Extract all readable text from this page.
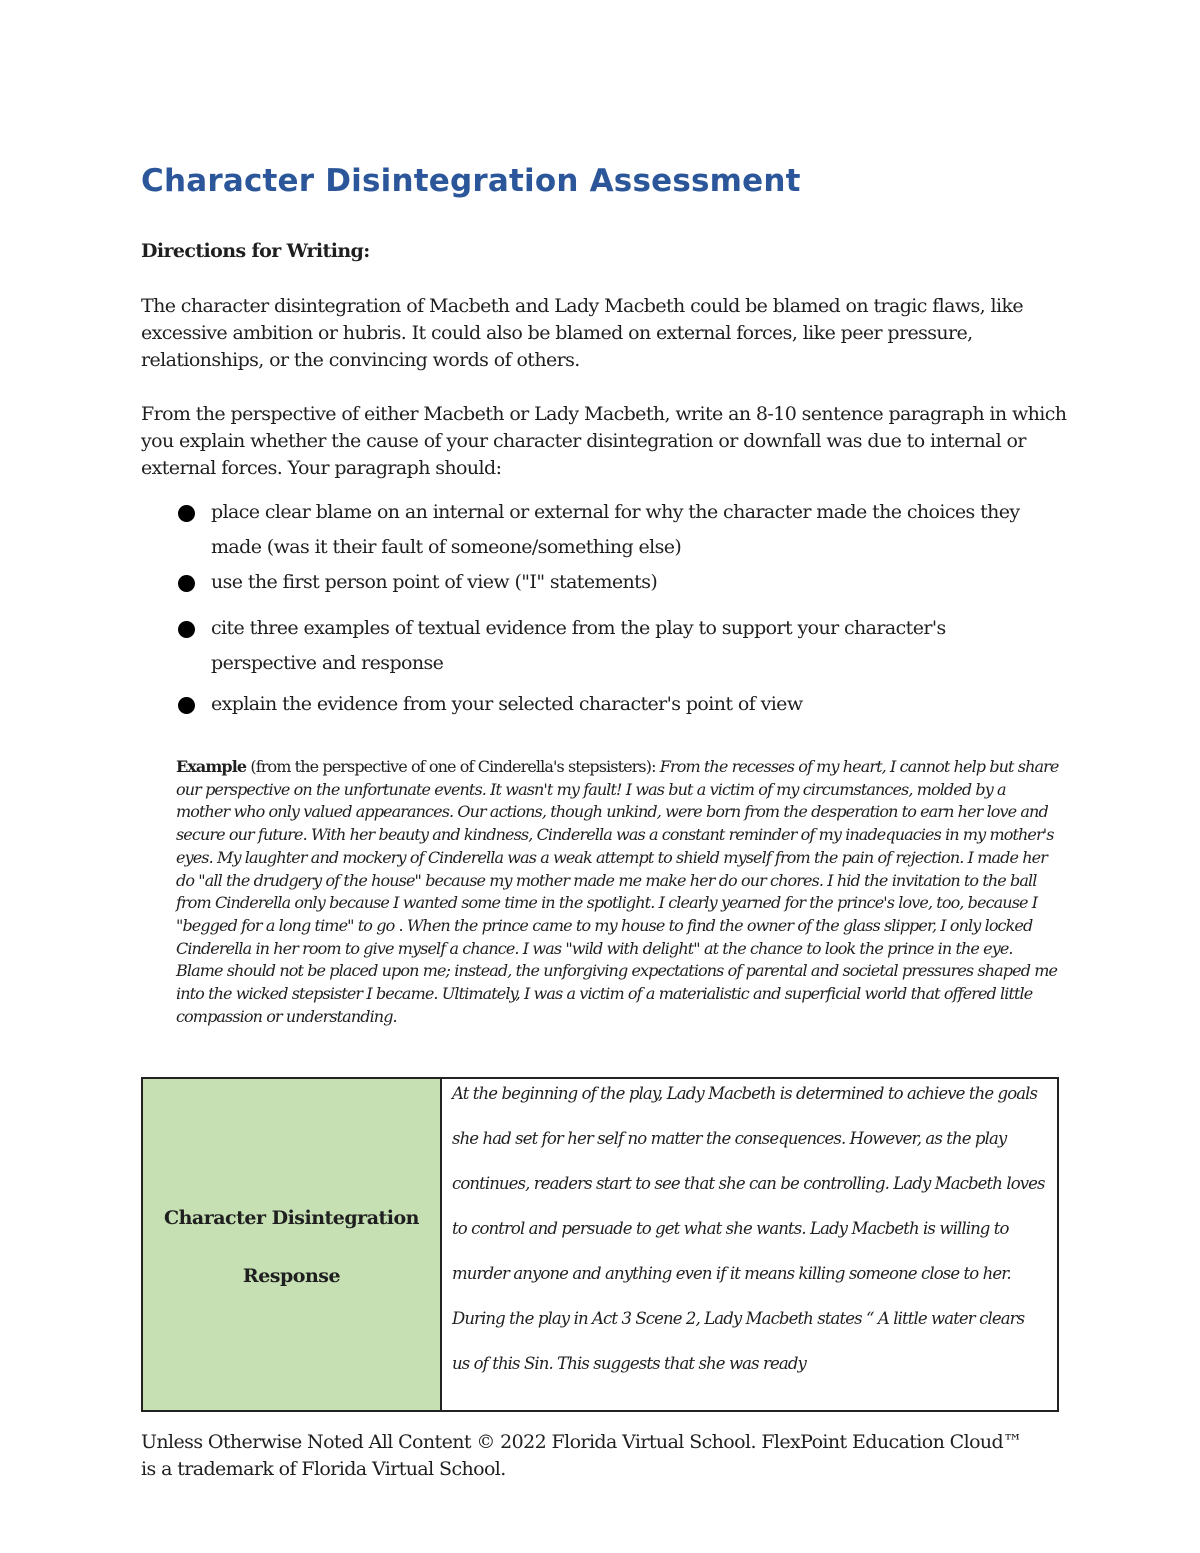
Character Disintegration Assessment
Directions for Writing:

The character disintegration of Macbeth and Lady Macbeth could be blamed on tragic flaws, like excessive ambition or hubris. It could also be blamed on external forces, like peer pressure, relationships, or the convincing words of others.

From the perspective of either Macbeth or Lady Macbeth, write an 8-10 sentence paragraph in which you explain whether the cause of your character disintegration or downfall was due to internal or external forces. Your paragraph should:

place clear blame on an internal or external for why the character made the choices they made (was it their fault of someone/something else)
use the first person point of view ("I" statements)
cite three examples of textual evidence from the play to support your character's perspective and response
explain the evidence from your selected character's point of view

Example (from the perspective of one of Cinderella's stepsisters): From the recesses of my heart, I cannot help but share our perspective on the unfortunate events. It wasn't my fault! I was but a victim of my circumstances, molded by a mother who only valued appearances. Our actions, though unkind, were born from the desperation to earn her love and secure our future. With her beauty and kindness, Cinderella was a constant reminder of my inadequacies in my mother's eyes. My laughter and mockery of Cinderella was a weak attempt to shield myself from the pain of rejection. I made her do "all the drudgery of the house" because my mother made me make her do our chores. I hid the invitation to the ball from Cinderella only because I wanted some time in the spotlight. I clearly yearned for the prince's love, too, because I "begged for a long time" to go . When the prince came to my house to find the owner of the glass slipper, I only locked Cinderella in her room to give myself a chance. I was "wild with delight" at the chance to look the prince in the eye. Blame should not be placed upon me; instead, the unforgiving expectations of parental and societal pressures shaped me into the wicked stepsister I became. Ultimately, I was a victim of a materialistic and superficial world that offered little compassion or understanding.

Character Disintegration
Response

At the beginning of the play, Lady Macbeth is determined to achieve the goals she had set for her self no matter the consequences. However, as the play continues, readers start to see that she can be controlling. Lady Macbeth loves to control and persuade to get what she wants. Lady Macbeth is willing to murder anyone and anything even if it means killing someone close to her. During the play in Act 3 Scene 2, Lady Macbeth states “ A little water clears us of this Sin. This suggests that she was ready

Unless Otherwise Noted All Content © 2022 Florida Virtual School. FlexPoint Education Cloud™ is a trademark of Florida Virtual School.
